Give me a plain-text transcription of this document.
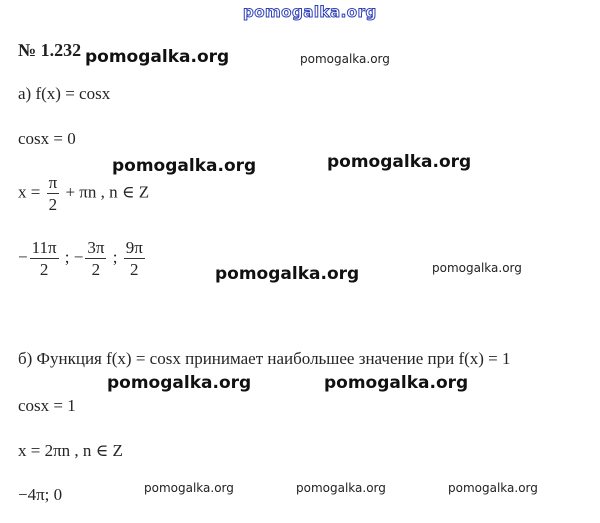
pomogalka.org
№ 1.232
а) f(x) = cosx
cosx = 0
$x = \frac{\pi}{2} + \pi n$ , n ∈ Z
− $\frac{11\pi}{2}$ ; − $\frac{3\pi}{2}$ ; $\frac{9\pi}{2}$
б) Функция f(x) = cosx принимает наибольшее значение при f(x) = 1
cosx = 1
x = 2πn , n ∈ Z
−4π; 0
pomogalka.org	pomogalka.org
pomogalka.org	pomogalka.org
pomogalka.org	pomogalka.org
pomogalka.org	pomogalka.org
pomogalka.org	pomogalka.org	pomogalka.org
